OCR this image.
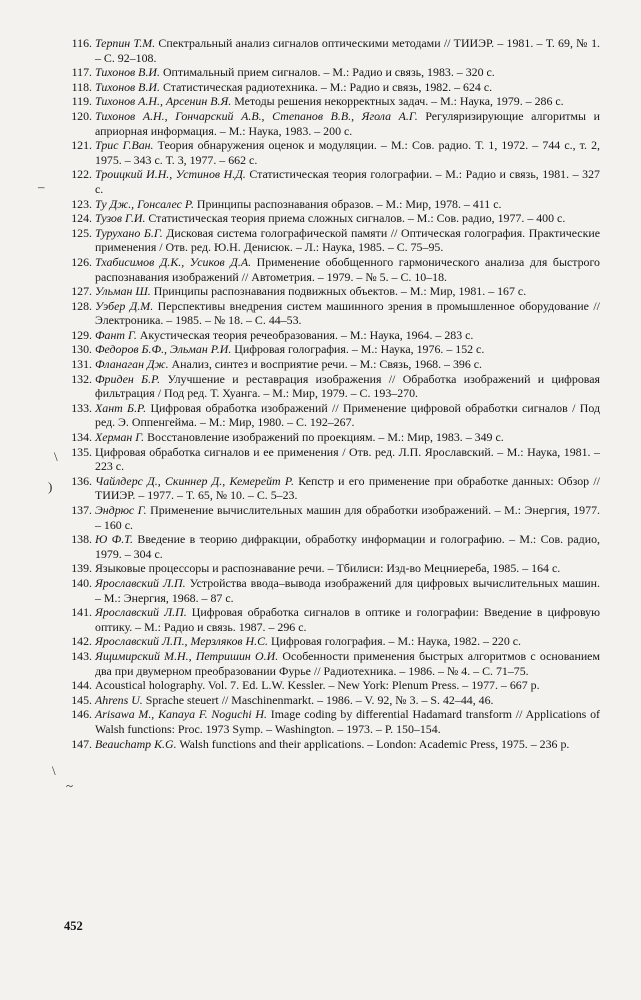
116. Терпин Т.М. Спектральный анализ сигналов оптическими методами // ТИИЭР. – 1981. – Т. 69, № 1. – С. 92–108.

117. Тихонов В.И. Оптимальный прием сигналов. – М.: Радио и связь, 1983. – 320 с.

118. Тихонов В.И. Статистическая радиотехника. – М.: Радио и связь, 1982. – 624 с.

119. Тихонов А.Н., Арсенин В.Я. Методы решения некорректных задач. – М.: Наука, 1979. – 286 с.

120. Тихонов А.Н., Гончарский А.В., Степанов В.В., Ягола А.Г. Регуляризирующие алгоритмы и априорная информация. – М.: Наука, 1983. – 200 с.

121. Трис Г.Ван. Теория обнаружения оценок и модуляции. – М.: Сов. радио. Т. 1, 1972. – 744 с., т. 2, 1975. – 343 с. Т. 3, 1977. – 662 с.

122. Троицкий И.Н., Устинов Н.Д. Статистическая теория голографии. – М.: Радио и связь, 1981. – 327 с.

123. Ту Дж., Гонсалес Р. Принципы распознавания образов. – М.: Мир, 1978. – 411 с.

124. Тузов Г.И. Статистическая теория приема сложных сигналов. – М.: Сов. радио, 1977. – 400 с.

125. Турухано Б.Г. Дисковая система голографической памяти // Оптическая голография. Практические применения / Отв. ред. Ю.Н. Денисюк. – Л.: Наука, 1985. – С. 75–95.

126. Тхабисимов Д.К., Усиков Д.А. Применение обобщенного гармонического анализа для быстрого распознавания изображений // Автометрия. – 1979. – № 5. – С. 10–18.

127. Ульман Ш. Принципы распознавания подвижных объектов. – М.: Мир, 1981. – 167 с.

128. Уэбер Д.М. Перспективы внедрения систем машинного зрения в промышленное оборудование // Электроника. – 1985. – № 18. – С. 44–53.

129. Фант Г. Акустическая теория речеобразования. – М.: Наука, 1964. – 283 с.

130. Федоров Б.Ф., Эльман Р.И. Цифровая голография. – М.: Наука, 1976. – 152 с.

131. Фланаган Дж. Анализ, синтез и восприятие речи. – М.: Связь, 1968. – 396 с.

132. Фриден Б.Р. Улучшение и реставрация изображения // Обработка изображений и цифровая фильтрация / Под ред. Т. Хуанга. – М.: Мир, 1979. – С. 193–270.

133. Хант Б.Р. Цифровая обработка изображений // Применение цифровой обработки сигналов / Под ред. Э. Оппенгейма. – М.: Мир, 1980. – С. 192–267.

134. Херман Г. Восстановление изображений по проекциям. – М.: Мир, 1983. – 349 с.

135. Цифровая обработка сигналов и ее применения / Отв. ред. Л.П. Ярославский. – М.: Наука, 1981. – 223 с.

136. Чайлдерс Д., Скиннер Д., Кемерейт Р. Кепстр и его применение при обработке данных: Обзор // ТИИЭР. – 1977. – Т. 65, № 10. – С. 5–23.

137. Эндрюс Г. Применение вычислительных машин для обработки изображений. – М.: Энергия, 1977. – 160 с.

138. Ю Ф.Т. Введение в теорию дифракции, обработку информации и голографию. – М.: Сов. радио, 1979. – 304 с.

139. Языковые процессоры и распознавание речи. – Тбилиси: Изд-во Мецниереба, 1985. – 164 с.

140. Ярославский Л.П. Устройства ввода–вывода изображений для цифровых вычислительных машин. – М.: Энергия, 1968. – 87 с.

141. Ярославский Л.П. Цифровая обработка сигналов в оптике и голографии: Введение в цифровую оптику. – М.: Радио и связь. 1987. – 296 с.

142. Ярославский Л.П., Мерзляков Н.С. Цифровая голография. – М.: Наука, 1982. – 220 с.

143. Ящимирский М.Н., Петришин О.И. Особенности применения быстрых алгоритмов с основанием два при двумерном преобразовании Фурье // Радиотехника. – 1986. – № 4. – С. 71–75.

144. Acoustical holography. Vol. 7. Ed. L.W. Kessler. – New York: Plenum Press. – 1977. – 667 p.

145. Ahrens U. Sprache steuert // Maschinenmarkt. – 1986. – V. 92, № 3. – S. 42–44, 46.

146. Arisawa M., Kanaya F. Noguchi H. Image coding by differential Hadamard transform // Applications of Walsh functions: Proc. 1973 Symp. – Washington. – 1973. – P. 150–154.

147. Beauchamp K.G. Walsh functions and their applications. – London: Academic Press, 1975. – 236 p.

–
\
)
\
~
452
